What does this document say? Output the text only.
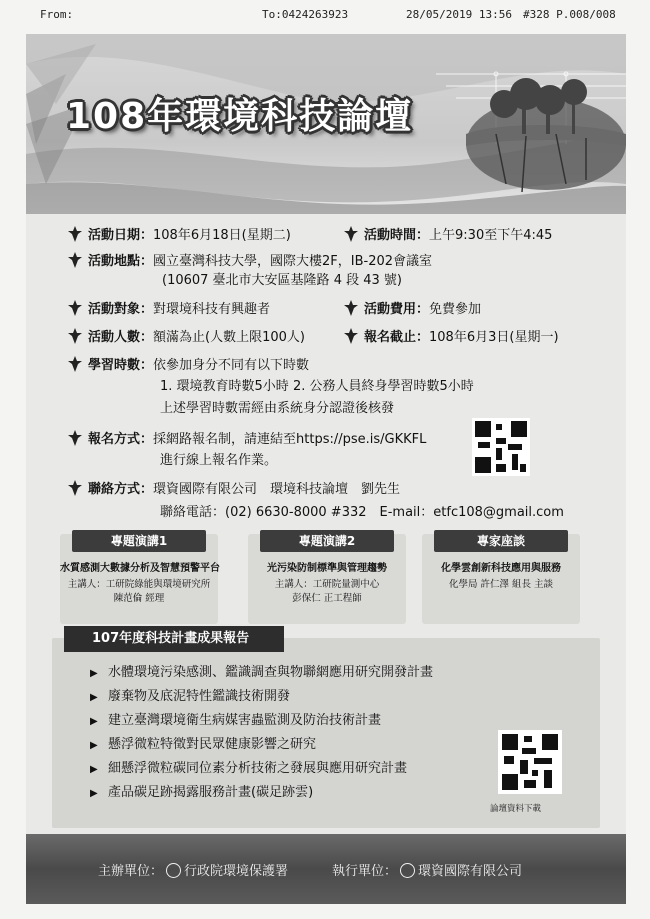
From:	To:0424263923	28/05/2019 13:56 #328 P.008/008
108年環境科技論壇
活動日期：108年6月18日(星期二)	活動時間：上午9:30至下午4:45
活動地點：國立臺灣科技大學，國際大樓2F，IB-202會議室
(10607 臺北市大安區基隆路 4 段 43 號)
活動對象：對環境科技有興趣者	活動費用：免費參加
活動人數：額滿為止(人數上限100人)	報名截止：108年6月3日(星期一)
學習時數：依參加身分不同有以下時數
1. 環境教育時數5小時 2. 公務人員終身學習時數5小時
上述學習時數需經由系統身分認證後核發
報名方式：採網路報名制，請連結至https://pse.is/GKKFL
進行線上報名作業。
聯絡方式：環資國際有限公司　環境科技論壇　劉先生
聯絡電話：(02) 6630-8000 #332　E-mail：etfc108@gmail.com
專題演講1
水質感測大數據分析及智慧預警平台
主講人：工研院綠能與環境研究所
陳范倫 經理
專題演講2
光污染防制標準與管理趨勢
主講人：工研院量測中心
彭保仁 正工程師
專家座談
化學雲創新科技應用與服務
化學局 許仁澤 組長 主談
107年度科技計畫成果報告
▶ 水體環境污染感測、鑑識調查與物聯網應用研究開發計畫
▶ 廢棄物及底泥特性鑑識技術開發
▶ 建立臺灣環境衛生病媒害蟲監測及防治技術計畫
▶ 懸浮微粒特徵對民眾健康影響之研究
▶ 細懸浮微粒碳同位素分析技術之發展與應用研究計畫
▶ 產品碳足跡揭露服務計畫(碳足跡雲)
論壇資料下載
主辦單位： 行政院環境保護署	執行單位： 環資國際有限公司
